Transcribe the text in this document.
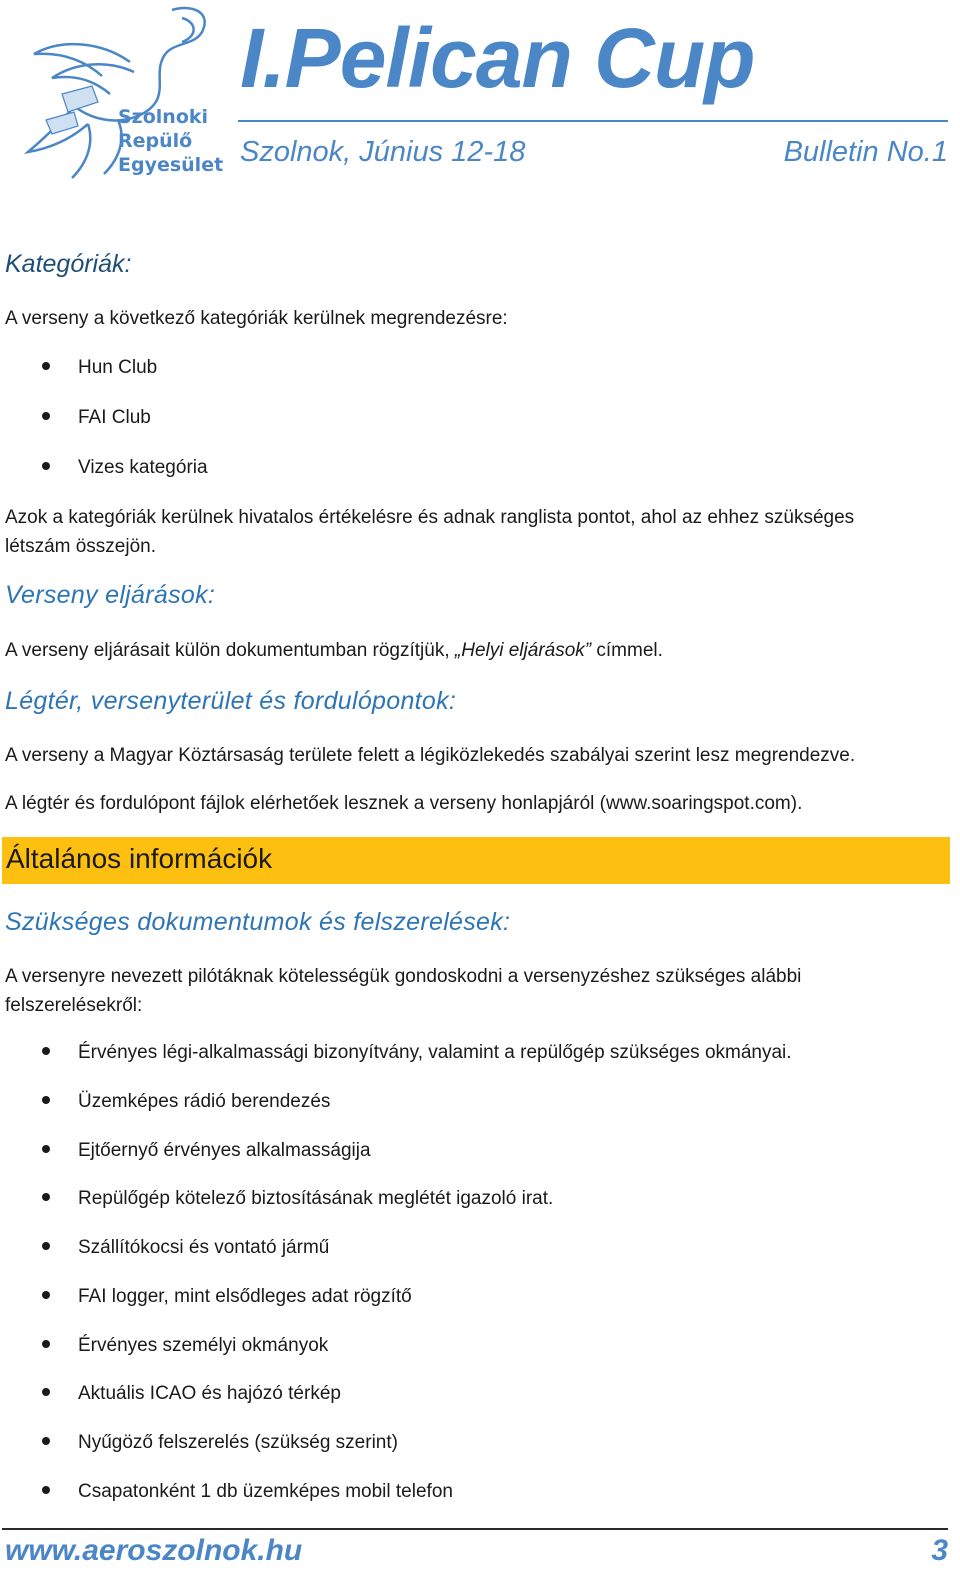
Szolnoki
Repülő
Egyesület
I.Pelican Cup
Szolnok, Június 12-18	Bulletin No.1
Kategóriák:
A verseny a következő kategóriák kerülnek megrendezésre:
Hun Club
FAI Club
Vizes kategória
Azok a kategóriák kerülnek hivatalos értékelésre és adnak ranglista pontot, ahol az ehhez szükséges
létszám összejön.
Verseny eljárások:
A verseny eljárásait külön dokumentumban rögzítjük, „Helyi eljárások” címmel.
Légtér, versenyterület és fordulópontok:
A verseny a Magyar Köztársaság területe felett a légiközlekedés szabályai szerint lesz megrendezve.
A légtér és fordulópont fájlok elérhetőek lesznek a verseny honlapjáról (www.soaringspot.com).
Általános információk
Szükséges dokumentumok és felszerelések:
A versenyre nevezett pilótáknak kötelességük gondoskodni a versenyzéshez szükséges alábbi
felszerelésekről:
Érvényes légi-alkalmassági bizonyítvány, valamint a repülőgép szükséges okmányai.
Üzemképes rádió berendezés
Ejtőernyő érvényes alkalmasságija
Repülőgép kötelező biztosításának meglétét igazoló irat.
Szállítókocsi és vontató jármű
FAI logger, mint elsődleges adat rögzítő
Érvényes személyi okmányok
Aktuális ICAO és hajózó térkép
Nyűgöző felszerelés (szükség szerint)
Csapatonként 1 db üzemképes mobil telefon
www.aeroszolnok.hu	3
